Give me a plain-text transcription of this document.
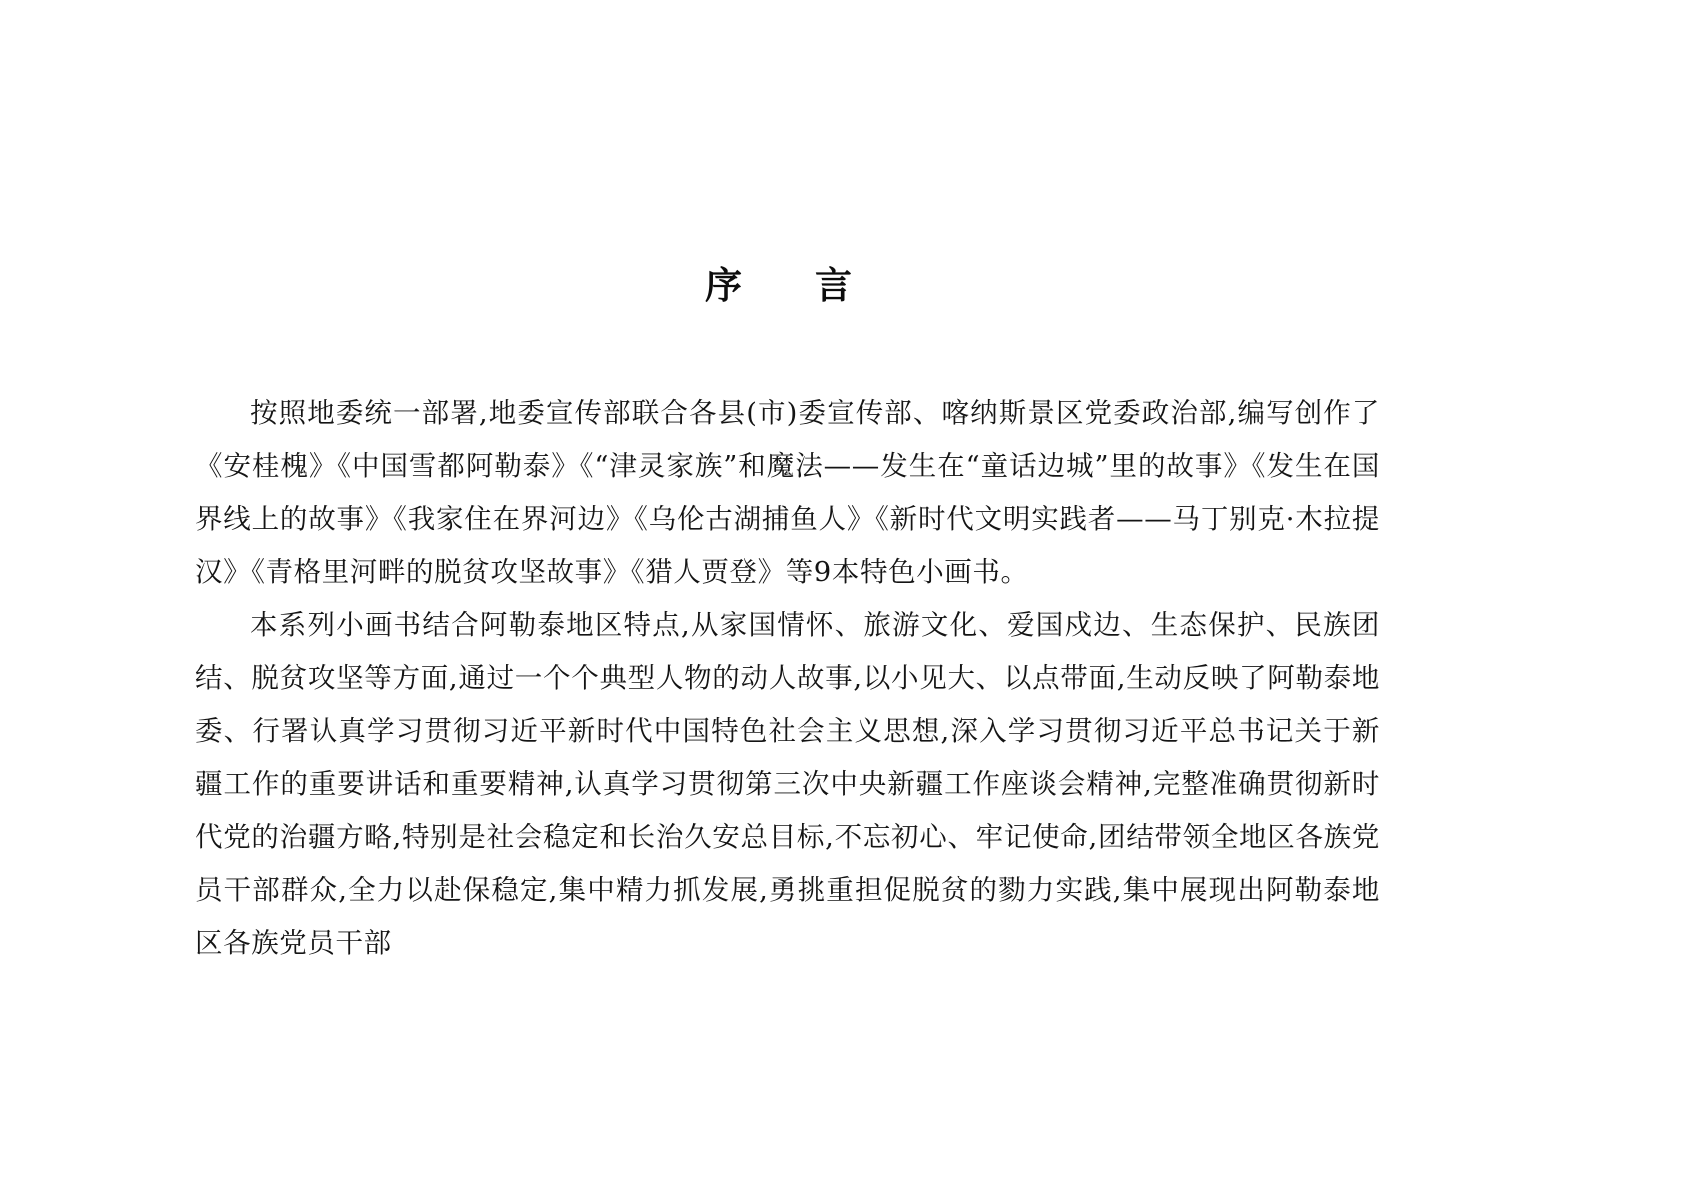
序　言

按照地委统一部署,地委宣传部联合各县(市)委宣传部、喀纳斯景区党委政治部,编写创作了《安桂槐》《中国雪都阿勒泰》《“津灵家族”和魔法——发生在“童话边城”里的故事》《发生在国界线上的故事》《我家住在界河边》《乌伦古湖捕鱼人》《新时代文明实践者——马丁别克·木拉提汉》《青格里河畔的脱贫攻坚故事》《猎人贾登》等9本特色小画书。

本系列小画书结合阿勒泰地区特点,从家国情怀、旅游文化、爱国戍边、生态保护、民族团结、脱贫攻坚等方面,通过一个个典型人物的动人故事,以小见大、以点带面,生动反映了阿勒泰地委、行署认真学习贯彻习近平新时代中国特色社会主义思想,深入学习贯彻习近平总书记关于新疆工作的重要讲话和重要精神,认真学习贯彻第三次中央新疆工作座谈会精神,完整准确贯彻新时代党的治疆方略,特别是社会稳定和长治久安总目标,不忘初心、牢记使命,团结带领全地区各族党员干部群众,全力以赴保稳定,集中精力抓发展,勇挑重担促脱贫的勠力实践,集中展现出阿勒泰地区各族党员干部
